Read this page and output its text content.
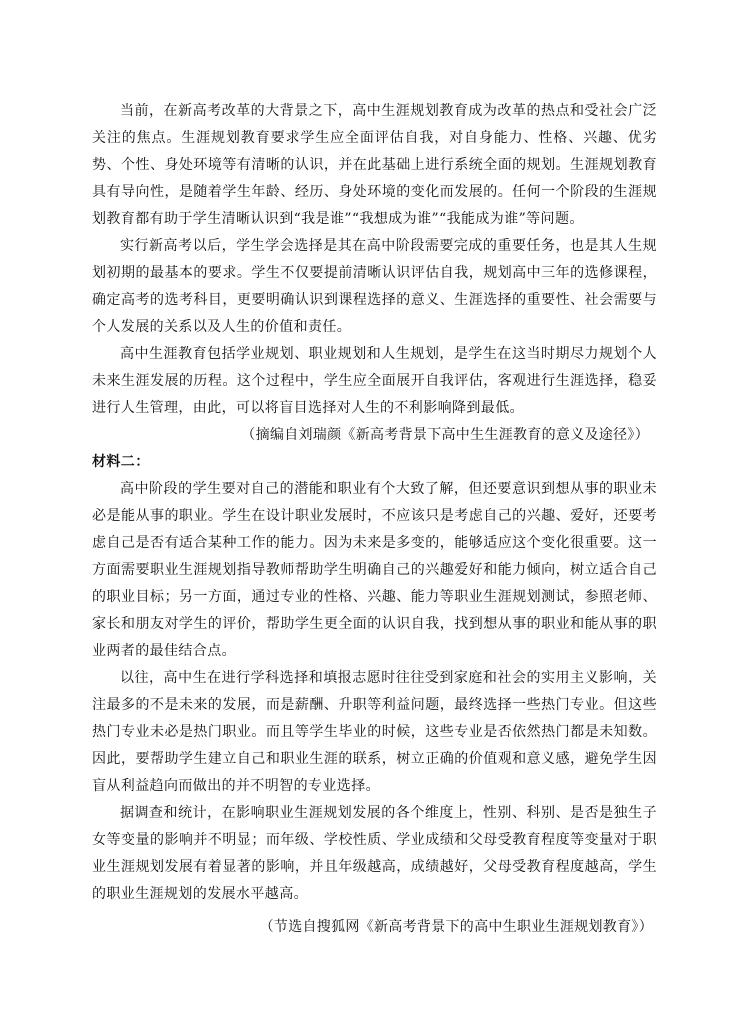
当前，在新高考改革的大背景之下，高中生涯规划教育成为改革的热点和受社会广泛关注的焦点。生涯规划教育要求学生应全面评估自我，对自身能力、性格、兴趣、优劣势、个性、身处环境等有清晰的认识，并在此基础上进行系统全面的规划。生涯规划教育具有导向性，是随着学生年龄、经历、身处环境的变化而发展的。任何一个阶段的生涯规划教育都有助于学生清晰认识到“我是谁”“我想成为谁”“我能成为谁”等问题。

实行新高考以后，学生学会选择是其在高中阶段需要完成的重要任务，也是其人生规划初期的最基本的要求。学生不仅要提前清晰认识评估自我，规划高中三年的选修课程，确定高考的选考科目，更要明确认识到课程选择的意义、生涯选择的重要性、社会需要与个人发展的关系以及人生的价值和责任。

高中生涯教育包括学业规划、职业规划和人生规划，是学生在这当时期尽力规划个人未来生涯发展的历程。这个过程中，学生应全面展开自我评估，客观进行生涯选择，稳妥进行人生管理，由此，可以将盲目选择对人生的不利影响降到最低。

（摘编自刘瑞颜《新高考背景下高中生生涯教育的意义及途径》）

材料二：

高中阶段的学生要对自己的潜能和职业有个大致了解，但还要意识到想从事的职业未必是能从事的职业。学生在设计职业发展时，不应该只是考虑自己的兴趣、爱好，还要考虑自己是否有适合某种工作的能力。因为未来是多变的，能够适应这个变化很重要。这一方面需要职业生涯规划指导教师帮助学生明确自己的兴趣爱好和能力倾向，树立适合自己的职业目标；另一方面，通过专业的性格、兴趣、能力等职业生涯规划测试，参照老师、家长和朋友对学生的评价，帮助学生更全面的认识自我，找到想从事的职业和能从事的职业两者的最佳结合点。

以往，高中生在进行学科选择和填报志愿时往往受到家庭和社会的实用主义影响，关注最多的不是未来的发展，而是薪酬、升职等利益问题，最终选择一些热门专业。但这些热门专业未必是热门职业。而且等学生毕业的时候，这些专业是否依然热门都是未知数。因此，要帮助学生建立自己和职业生涯的联系，树立正确的价值观和意义感，避免学生因盲从利益趋向而做出的并不明智的专业选择。

据调查和统计，在影响职业生涯规划发展的各个维度上，性别、科别、是否是独生子女等变量的影响并不明显；而年级、学校性质、学业成绩和父母受教育程度等变量对于职业生涯规划发展有着显著的影响，并且年级越高，成绩越好，父母受教育程度越高，学生的职业生涯规划的发展水平越高。

（节选自搜狐网《新高考背景下的高中生职业生涯规划教育》）
